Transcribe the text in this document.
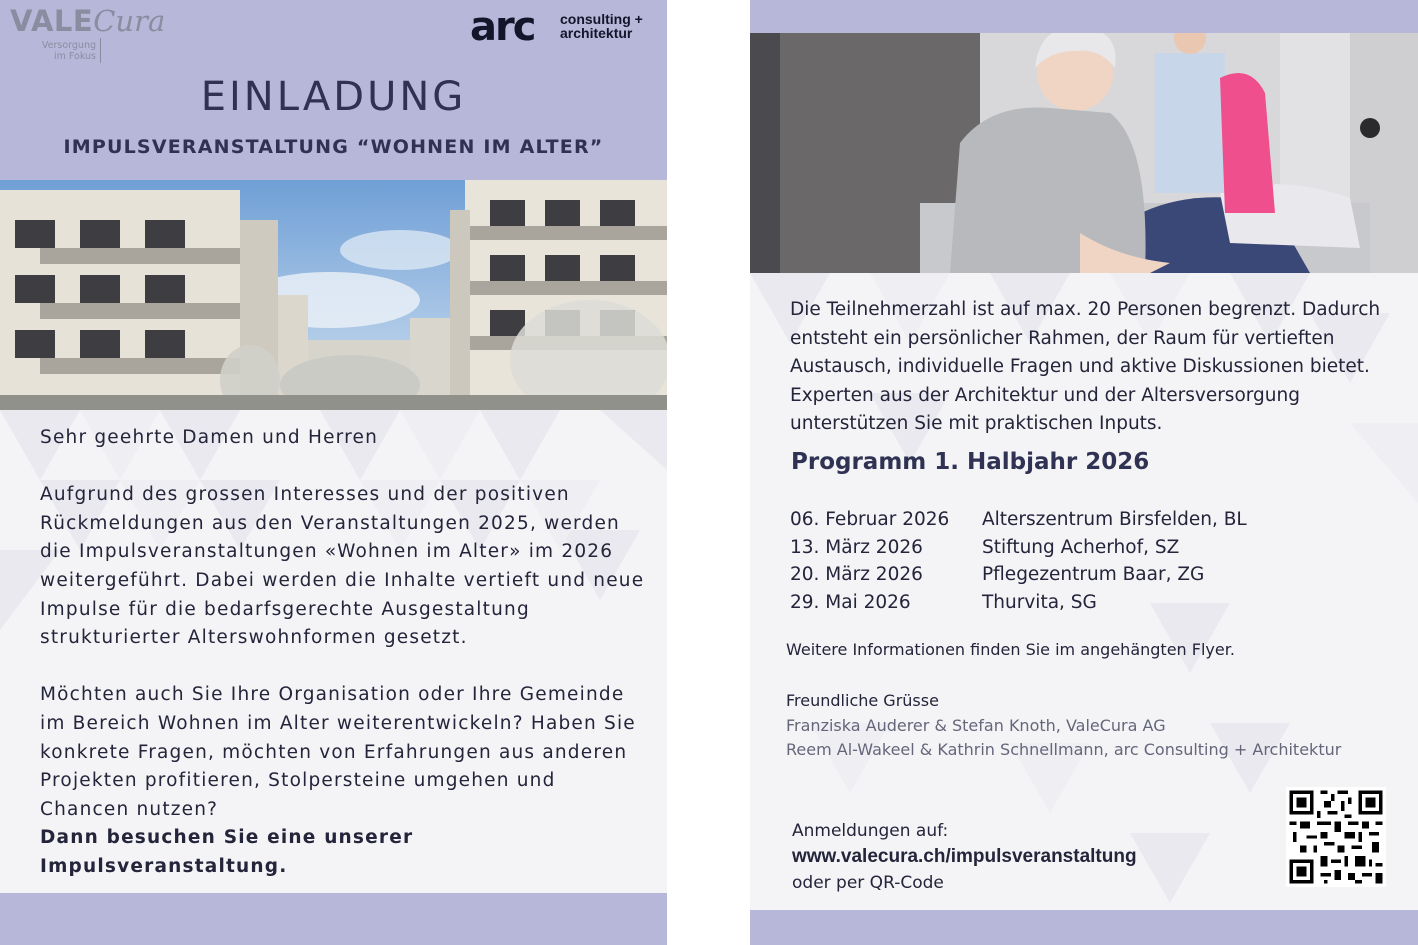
VALECura
Versorgung
im Fokus
arc consulting +
architektur
EINLADUNG
IMPULSVERANSTALTUNG “WOHNEN IM ALTER”

Sehr geehrte Damen und Herren

Aufgrund des grossen Interesses und der positiven Rückmeldungen aus den Veranstaltungen 2025, werden die Impulsveranstaltungen «Wohnen im Alter» im 2026 weitergeführt. Dabei werden die Inhalte vertieft und neue Impulse für die bedarfsgerechte Ausgestaltung strukturierter Alterswohnformen gesetzt.

Möchten auch Sie Ihre Organisation oder Ihre Gemeinde im Bereich Wohnen im Alter weiterentwickeln? Haben Sie konkrete Fragen, möchten von Erfahrungen aus anderen Projekten profitieren, Stolpersteine umgehen und Chancen nutzen?

Dann besuchen Sie eine unserer Impulsveranstaltung.
Die Teilnehmerzahl ist auf max. 20 Personen begrenzt. Dadurch entsteht ein persönlicher Rahmen, der Raum für vertieften Austausch, individuelle Fragen und aktive Diskussionen bietet. Experten aus der Architektur und der Altersversorgung unterstützen Sie mit praktischen Inputs.
Programm 1. Halbjahr 2026
06. Februar 2026 Alterszentrum Birsfelden, BL
13. März 2026	Stiftung Acherhof, SZ
20. März 2026	Pflegezentrum Baar, ZG
29. Mai 2026	Thurvita, SG
Weitere Informationen finden Sie im angehängten Flyer.
Freundliche Grüsse
Franziska Auderer & Stefan Knoth, ValeCura AG
Reem Al-Wakeel & Kathrin Schnellmann, arc Consulting + Architektur
Anmeldungen auf:
www.valecura.ch/impulsveranstaltung
oder per QR-Code
